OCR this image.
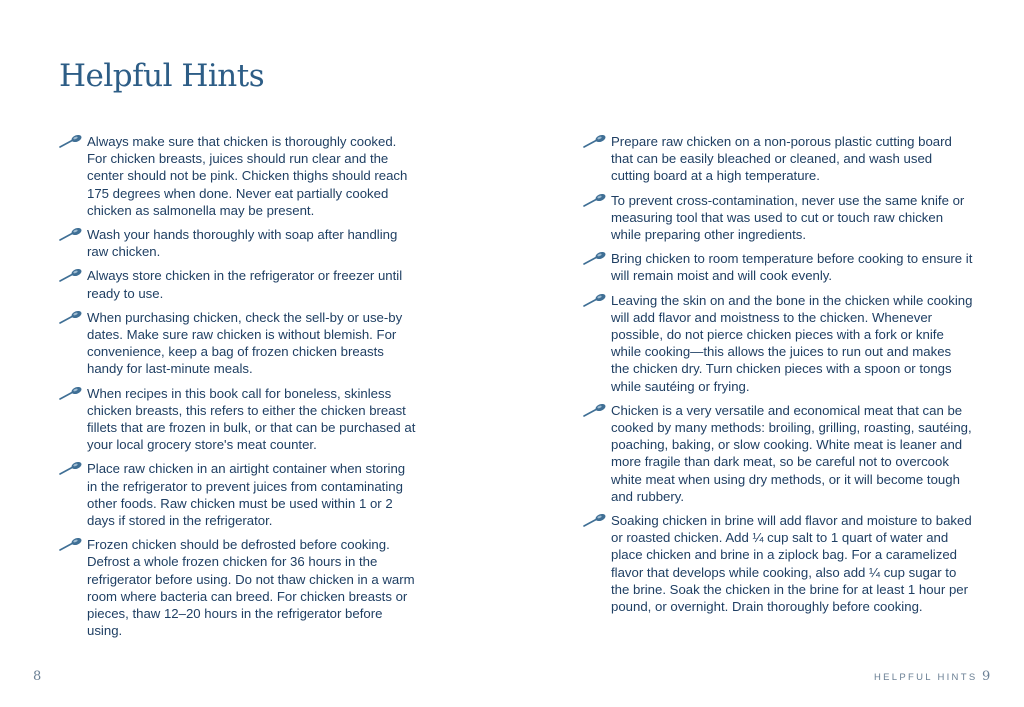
Helpful Hints

Always make sure that chicken is thoroughly cooked. For chicken breasts, juices should run clear and the center should not be pink. Chicken thighs should reach 175 degrees when done. Never eat partially cooked chicken as salmonella may be present.

Wash your hands thoroughly with soap after handling raw chicken.

Always store chicken in the refrigerator or freezer until ready to use.

When purchasing chicken, check the sell-by or use-by dates. Make sure raw chicken is without blemish. For convenience, keep a bag of frozen chicken breasts handy for last-minute meals.

When recipes in this book call for boneless, skinless chicken breasts, this refers to either the chicken breast fillets that are frozen in bulk, or that can be purchased at your local grocery store's meat counter.

Place raw chicken in an airtight container when storing in the refrigerator to prevent juices from contaminating other foods. Raw chicken must be used within 1 or 2 days if stored in the refrigerator.

Frozen chicken should be defrosted before cooking. Defrost a whole frozen chicken for 36 hours in the refrigerator before using. Do not thaw chicken in a warm room where bacteria can breed. For chicken breasts or pieces, thaw 12–20 hours in the refrigerator before using.

Prepare raw chicken on a non-porous plastic cutting board that can be easily bleached or cleaned, and wash used cutting board at a high temperature.

To prevent cross-contamination, never use the same knife or measuring tool that was used to cut or touch raw chicken while preparing other ingredients.

Bring chicken to room temperature before cooking to ensure it will remain moist and will cook evenly.

Leaving the skin on and the bone in the chicken while cooking will add flavor and moistness to the chicken. Whenever possible, do not pierce chicken pieces with a fork or knife while cooking—this allows the juices to run out and makes the chicken dry. Turn chicken pieces with a spoon or tongs while sautéing or frying.

Chicken is a very versatile and economical meat that can be cooked by many methods: broiling, grilling, roasting, sautéing, poaching, baking, or slow cooking. White meat is leaner and more fragile than dark meat, so be careful not to overcook white meat when using dry methods, or it will become tough and rubbery.

Soaking chicken in brine will add flavor and moisture to baked or roasted chicken. Add ¼ cup salt to 1 quart of water and place chicken and brine in a ziplock bag. For a caramelized flavor that develops while cooking, also add ¼ cup sugar to the brine. Soak the chicken in the brine for at least 1 hour per pound, or overnight. Drain thoroughly before cooking.

8	HELPFUL HINTS 9
